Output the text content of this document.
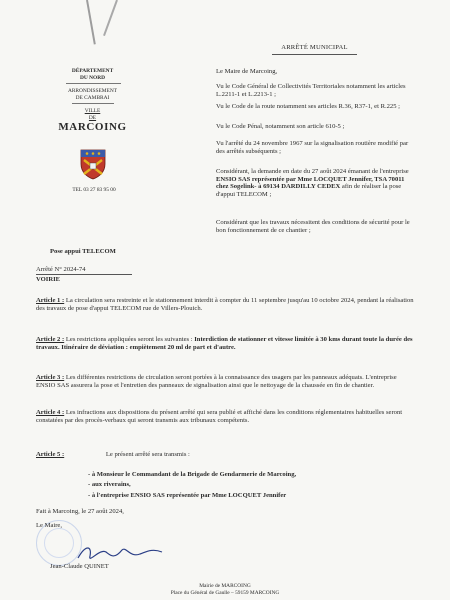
ARRÊTÉ MUNICIPAL
DÉPARTEMENT
DU NORD
ARRONDISSEMENT
DE CAMBRAI
VILLE
DE
MARCOING
TEL 03 27 83 95 00
Le Maire de Marcoing,
Vu le Code Général de Collectivités Territoriales notamment les articles L.2211-1 et L.2213-1 ;
Vu le Code de la route notamment ses articles R.36, R37-1, et R.225 ;
Vu le Code Pénal, notamment son article 610-5 ;
Vu l'arrêté du 24 novembre 1967 sur la signalisation routière modifié par des arrêtés subséquents ;
Considérant, la demande en date du 27 août 2024 émanant de l'entreprise ENSIO SAS représentée par Mme LOCQUET Jennifer, TSA 70011 chez Sogelink- à 69134 DARDILLY CEDEX afin de réaliser la pose d'appui TELECOM ;
Considérant que les travaux nécessitent des conditions de sécurité pour le bon fonctionnement de ce chantier ;
Pose appui TELECOM
Arrêté N° 2024-74
VOIRIE
Article 1 : La circulation sera restreinte et le stationnement interdit à compter du 11 septembre jusqu'au 10 octobre 2024, pendant la réalisation des travaux de pose d'appui TELECOM rue de Villers-Plouich.
Article 2 : Les restrictions appliquées seront les suivantes : Interdiction de stationner et vitesse limitée à 30 kms durant toute la durée des travaux. Itinéraire de déviation : empiètement 20 ml de part et d'autre.
Article 3 : Les différentes restrictions de circulation seront portées à la connaissance des usagers par les panneaux adéquats. L'entreprise ENSIO SAS assurera la pose et l'entretien des panneaux de signalisation ainsi que le nettoyage de la chaussée en fin de chantier.
Article 4 : Les infractions aux dispositions du présent arrêté qui sera publié et affiché dans les conditions réglementaires habituelles seront constatées par des procès-verbaux qui seront transmis aux tribunaux compétents.
Article 5 :	Le présent arrêté sera transmis :
- à Monsieur le Commandant de la Brigade de Gendarmerie de Marcoing,
- aux riverains,
- à l'entreprise ENSIO SAS représentée par Mme LOCQUET Jennifer
Fait à Marcoing, le 27 août 2024,
Le Maire,
Jean-Claude QUINET
Mairie de MARCOING
Place du Général de Gaulle – 59159 MARCOING
